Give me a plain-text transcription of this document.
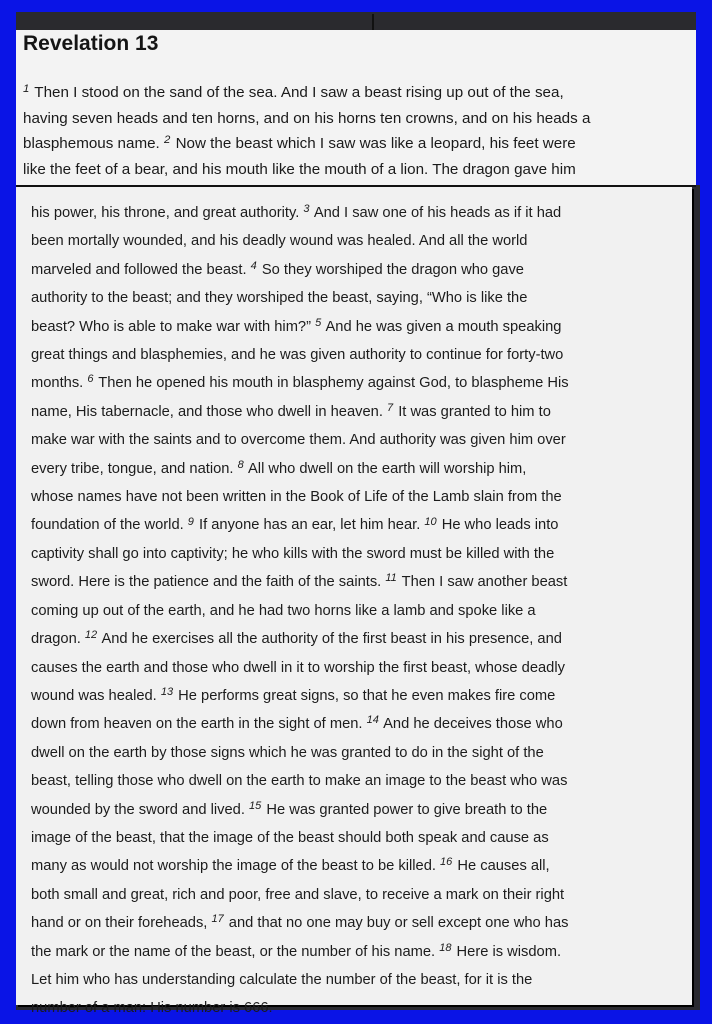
Revelation 13

$^1$ Then I stood on the sand of the sea. And I saw a beast rising up out of the sea,
having seven heads and ten horns, and on his horns ten crowns, and on his heads a
blasphemous name. $^2$ Now the beast which I saw was like a leopard, his feet were
like the feet of a bear, and his mouth like the mouth of a lion. The dragon gave him

his power, his throne, and great authority. $^3$ And I saw one of his heads as if it had
been mortally wounded, and his deadly wound was healed. And all the world
marveled and followed the beast. $^4$ So they worshiped the dragon who gave
authority to the beast; and they worshiped the beast, saying, “Who is like the
beast? Who is able to make war with him?” $^5$ And he was given a mouth speaking
great things and blasphemies, and he was given authority to continue for forty-two
months. $^6$ Then he opened his mouth in blasphemy against God, to blaspheme His
name, His tabernacle, and those who dwell in heaven. $^7$ It was granted to him to
make war with the saints and to overcome them. And authority was given him over
every tribe, tongue, and nation. $^8$ All who dwell on the earth will worship him,
whose names have not been written in the Book of Life of the Lamb slain from the
foundation of the world. $^9$ If anyone has an ear, let him hear. $^{10}$ He who leads into
captivity shall go into captivity; he who kills with the sword must be killed with the
sword. Here is the patience and the faith of the saints. $^{11}$ Then I saw another beast
coming up out of the earth, and he had two horns like a lamb and spoke like a
dragon. $^{12}$ And he exercises all the authority of the first beast in his presence, and
causes the earth and those who dwell in it to worship the first beast, whose deadly
wound was healed. $^{13}$ He performs great signs, so that he even makes fire come
down from heaven on the earth in the sight of men. $^{14}$ And he deceives those who
dwell on the earth by those signs which he was granted to do in the sight of the
beast, telling those who dwell on the earth to make an image to the beast who was
wounded by the sword and lived. $^{15}$ He was granted power to give breath to the
image of the beast, that the image of the beast should both speak and cause as
many as would not worship the image of the beast to be killed. $^{16}$ He causes all,
both small and great, rich and poor, free and slave, to receive a mark on their right
hand or on their foreheads, $^{17}$ and that no one may buy or sell except one who has
the mark or the name of the beast, or the number of his name. $^{18}$ Here is wisdom.
Let him who has understanding calculate the number of the beast, for it is the
number of a man: His number is 666.
